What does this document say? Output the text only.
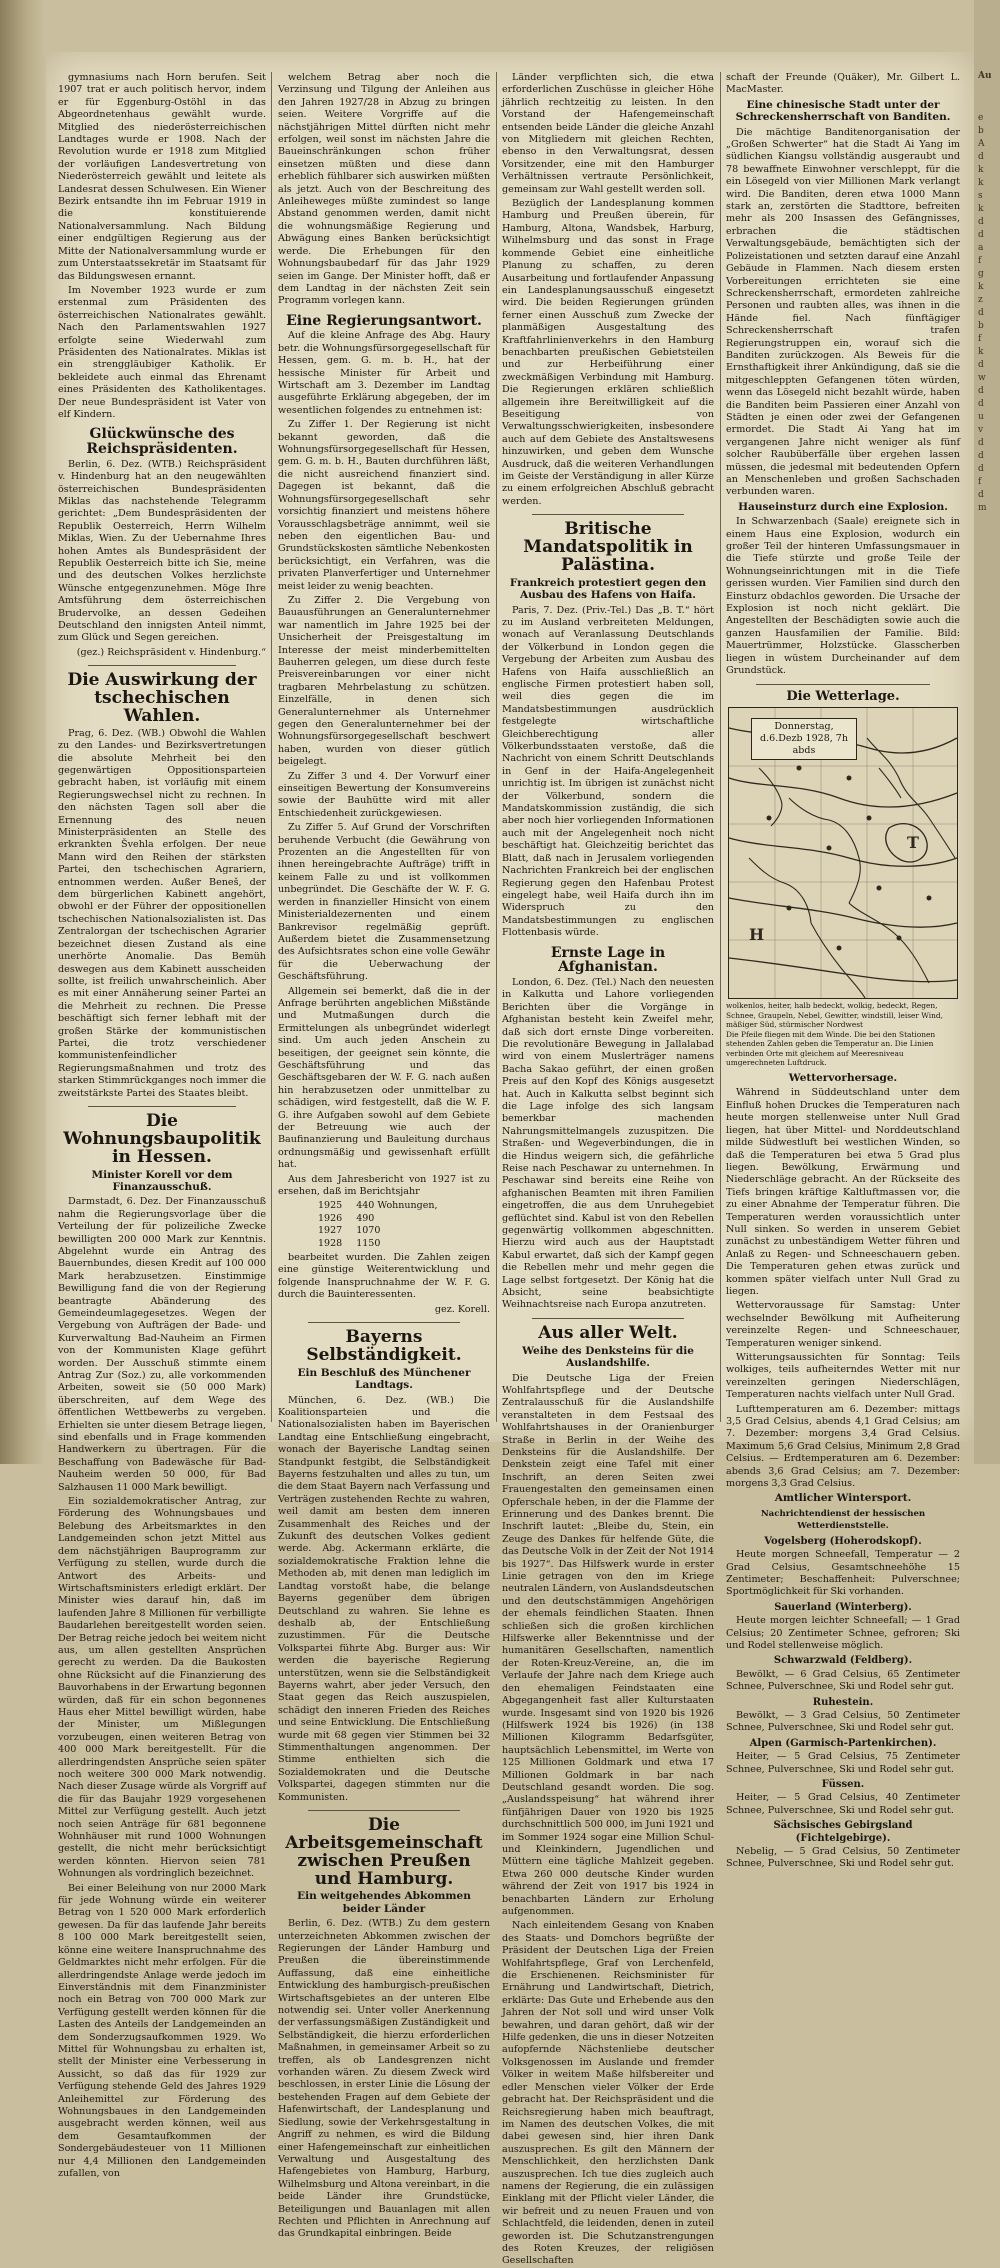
Au
e
b
A
d
k
k
s
k
d
d
a
f
g
k
z
d
b
f
k
d
w
d
d
u
v
d
d
d
f
d
m

gymnasiums nach Horn berufen. Seit 1907 trat er auch politisch hervor, indem er für Eggenburg-Ostöhl in das Abgeordnetenhaus gewählt wurde. Mitglied des niederösterreichischen Landtages wurde er 1908. Nach der Revolution wurde er 1918 zum Mitglied der vorläufigen Landesvertretung von Niederösterreich gewählt und leitete als Landesrat dessen Schulwesen. Ein Wiener Bezirk entsandte ihn im Februar 1919 in die konstituierende Nationalversammlung. Nach Bildung einer endgültigen Regierung aus der Mitte der Nationalversammlung wurde er zum Unterstaatssekretär im Staatsamt für das Bildungswesen ernannt.

Im November 1923 wurde er zum erstenmal zum Präsidenten des österreichischen Nationalrates gewählt. Nach den Parlamentswahlen 1927 erfolgte seine Wiederwahl zum Präsidenten des Nationalrates. Miklas ist ein strenggläubiger Katholik. Er bekleidete auch einmal das Ehrenamt eines Präsidenten des Katholikentages. Der neue Bundespräsident ist Vater von elf Kindern.

Glückwünsche des Reichspräsidenten.

Berlin, 6. Dez. (WTB.) Reichspräsident v. Hindenburg hat an den neugewählten österreichischen Bundespräsidenten Miklas das nachstehende Telegramm gerichtet: „Dem Bundespräsidenten der Republik Oesterreich, Herrn Wilhelm Miklas, Wien. Zu der Uebernahme Ihres hohen Amtes als Bundespräsident der Republik Oesterreich bitte ich Sie, meine und des deutschen Volkes herzlichste Wünsche entgegenzunehmen. Möge Ihre Amtsführung dem österreichischen Brudervolke, an dessen Gedeihen Deutschland den innigsten Anteil nimmt, zum Glück und Segen gereichen.

(gez.) Reichspräsident v. Hindenburg.“
Die Auswirkung der tschechischen Wahlen.

Prag, 6. Dez. (WB.) Obwohl die Wahlen zu den Landes- und Bezirksvertretungen die absolute Mehrheit bei den gegenwärtigen Oppositionsparteien gebracht haben, ist vorläufig mit einem Regierungswechsel nicht zu rechnen. In den nächsten Tagen soll aber die Ernennung des neuen Ministerpräsidenten an Stelle des erkrankten Švehla erfolgen. Der neue Mann wird den Reihen der stärksten Partei, den tschechischen Agrariern, entnommen werden. Außer Beneš, der dem bürgerlichen Kabinett angehört, obwohl er der Führer der oppositionellen tschechischen Nationalsozialisten ist. Das Zentralorgan der tschechischen Agrarier bezeichnet diesen Zustand als eine unerhörte Anomalie. Das Bemüh deswegen aus dem Kabinett ausscheiden sollte, ist freilich unwahrscheinlich. Aber es mit einer Annäherung seiner Partei an die Mehrheit zu rechnen. Die Presse beschäftigt sich ferner lebhaft mit der großen Stärke der kommunistischen Partei, die trotz verschiedener kommunistenfeindlicher Regierungsmaßnahmen und trotz des starken Stimmrückganges noch immer die zweitstärkste Partei des Staates bleibt.

Die Wohnungsbaupolitik in Hessen.
Minister Korell vor dem Finanzausschuß.

Darmstadt, 6. Dez. Der Finanzausschuß nahm die Regierungsvorlage über die Verteilung der für polizeiliche Zwecke bewilligten 200 000 Mark zur Kenntnis. Abgelehnt wurde ein Antrag des Bauernbundes, diesen Kredit auf 100 000 Mark herabzusetzen. Einstimmige Bewilligung fand die von der Regierung beantragte Abänderung des Gemeindeumlagegesetzes. Wegen der Vergebung von Aufträgen der Bade- und Kurverwaltung Bad-Nauheim an Firmen von der Kommunisten Klage geführt worden. Der Ausschuß stimmte einem Antrag Zur (Soz.) zu, alle vorkommenden Arbeiten, soweit sie (50 000 Mark) überschreiten, auf dem Wege des öffentlichen Wettbewerbs zu vergeben. Erhielten sie unter diesem Betrage liegen, sind ebenfalls und in Frage kommenden Handwerkern zu übertragen. Für die Beschaffung von Badewäsche für Bad-Nauheim werden 50 000, für Bad Salzhausen 11 000 Mark bewilligt.

Ein sozialdemokratischer Antrag, zur Förderung des Wohnungsbaues und Belebung des Arbeitsmarktes in den Landgemeinden schon jetzt Mittel aus dem nächstjährigen Bauprogramm zur Verfügung zu stellen, wurde durch die Antwort des Arbeits- und Wirtschaftsministers erledigt erklärt. Der Minister wies darauf hin, daß im laufenden Jahre 8 Millionen für verbilligte Baudarlehen bereitgestellt worden seien. Der Betrag reiche jedoch bei weitem nicht aus, um allen gestellten Ansprüchen gerecht zu werden. Da die Baukosten ohne Rücksicht auf die Finanzierung des Bauvorhabens in der Erwartung begonnen würden, daß für ein schon begonnenes Haus eher Mittel bewilligt würden, habe der Minister, um Mißlegungen vorzubeugen, einen weiteren Betrag von 400 000 Mark bereitgestellt. Für die allerdringendsten Ansprüche seien später noch weitere 300 000 Mark notwendig. Nach dieser Zusage würde als Vorgriff auf die für das Baujahr 1929 vorgesehenen Mittel zur Verfügung gestellt. Auch jetzt noch seien Anträge für 681 begonnene Wohnhäuser mit rund 1000 Wohnungen gestellt, die nicht mehr berücksichtigt werden könnten. Hiervon seien 781 Wohnungen als vordringlich bezeichnet.

Bei einer Beleihung von nur 2000 Mark für jede Wohnung würde ein weiterer Betrag von 1 520 000 Mark erforderlich gewesen. Da für das laufende Jahr bereits 8 100 000 Mark bereitgestellt seien, könne eine weitere Inanspruchnahme des Geldmarktes nicht mehr erfolgen. Für die allerdringendste Anlage werde jedoch im Einverständnis mit dem Finanzminister noch ein Betrag von 700 000 Mark zur Verfügung gestellt werden können für die Lasten des Anteils der Landgemeinden an dem Sonderzugsaufkommen 1929. Wo Mittel für Wohnungsbau zu erhalten ist, stellt der Minister eine Verbesserung in Aussicht, so daß das für 1929 zur Verfügung stehende Geld des Jahres 1929 Anleihemittel zur Förderung des Wohnungsbaues in den Landgemeinden ausgebracht werden können, weil aus dem Gesamtaufkommen der Sondergebäudesteuer von 11 Millionen nur 4,4 Millionen den Landgemeinden zufallen, von

welchem Betrag aber noch die Verzinsung und Tilgung der Anleihen aus den Jahren 1927/28 in Abzug zu bringen seien. Weitere Vorgriffe auf die nächstjährigen Mittel dürften nicht mehr erfolgen, weil sonst im nächsten Jahre die Baueinschränkungen schon früher einsetzen müßten und diese dann erheblich fühlbarer sich auswirken müßten als jetzt. Auch von der Beschreitung des Anleiheweges müßte zumindest so lange Abstand genommen werden, damit nicht die wohnungsmäßige Regierung und Abwägung eines Banken berücksichtigt werde. Die Erhebungen für den Wohnungsbaubedarf für das Jahr 1929 seien im Gange. Der Minister hofft, daß er dem Landtag in der nächsten Zeit sein Programm vorlegen kann.

Eine Regierungsantwort.

Auf die kleine Anfrage des Abg. Haury betr. die Wohnungsfürsorgegesellschaft für Hessen, gem. G. m. b. H., hat der hessische Minister für Arbeit und Wirtschaft am 3. Dezember im Landtag ausgeführte Erklärung abgegeben, der im wesentlichen folgendes zu entnehmen ist:

Zu Ziffer 1. Der Regierung ist nicht bekannt geworden, daß die Wohnungsfürsorgegesellschaft für Hessen, gem. G. m. b. H., Bauten durchführen läßt, die nicht ausreichend finanziert sind. Dagegen ist bekannt, daß die Wohnungsfürsorgegesellschaft sehr vorsichtig finanziert und meistens höhere Vorausschlagsbeträge annimmt, weil sie neben den eigentlichen Bau- und Grundstückskosten sämtliche Nebenkosten berücksichtigt, ein Verfahren, was die privaten Planverfertiger und Unternehmer meist leider zu wenig beachten.

Zu Ziffer 2. Die Vergebung von Bauausführungen an Generalunternehmer war namentlich im Jahre 1925 bei der Unsicherheit der Preisgestaltung im Interesse der meist minderbemittelten Bauherren gelegen, um diese durch feste Preisvereinbarungen vor einer nicht tragbaren Mehrbelastung zu schützen. Einzelfälle, in denen sich Generalunternehmer als Unternehmer gegen den Generalunternehmer bei der Wohnungsfürsorgegesellschaft beschwert haben, wurden von dieser gütlich beigelegt.

Zu Ziffer 3 und 4. Der Vorwurf einer einseitigen Bewertung der Konsumvereins sowie der Bauhütte wird mit aller Entschiedenheit zurückgewiesen.

Zu Ziffer 5. Auf Grund der Vorschriften beruhende Verbucht (die Gewährung von Prozenten an die Angestellten für von ihnen hereingebrachte Aufträge) trifft in keinem Falle zu und ist vollkommen unbegründet. Die Geschäfte der W. F. G. werden in finanzieller Hinsicht von einem Ministerialdezernenten und einem Bankrevisor regelmäßig geprüft. Außerdem bietet die Zusammensetzung des Aufsichtsrates schon eine volle Gewähr für die Ueberwachung der Geschäftsführung.

Allgemein sei bemerkt, daß die in der Anfrage berührten angeblichen Mißstände und Mutmaßungen durch die Ermittelungen als unbegründet widerlegt sind. Um auch jeden Anschein zu beseitigen, der geeignet sein könnte, die Geschäftsführung und das Geschäftsgebaren der W. F. G. nach außen hin herabzusetzen oder unmittelbar zu schädigen, wird festgestellt, daß die W. F. G. ihre Aufgaben sowohl auf dem Gebiete der Betreuung wie auch der Baufinanzierung und Bauleitung durchaus ordnungsmäßig und gewissenhaft erfüllt hat.

Aus dem Jahresbericht von 1927 ist zu ersehen, daß im Berichtsjahr

1925 440 Wohnungen,
1926 490
1927 1070
1928 1150

bearbeitet wurden. Die Zahlen zeigen eine günstige Weiterentwicklung und folgende Inanspruchnahme der W. F. G. durch die Bauinteressenten.

gez. Korell.
Bayerns Selbständigkeit.
Ein Beschluß des Münchener Landtags.

München, 6. Dez. (WB.) Die Koalitionsparteien und die Nationalsozialisten haben im Bayerischen Landtag eine Entschließung eingebracht, wonach der Bayerische Landtag seinen Standpunkt festgibt, die Selbständigkeit Bayerns festzuhalten und alles zu tun, um die dem Staat Bayern nach Verfassung und Verträgen zustehenden Rechte zu wahren, weil damit am besten dem inneren Zusammenhalt des Reiches und der Zukunft des deutschen Volkes gedient werde. Abg. Ackermann erklärte, die sozialdemokratische Fraktion lehne die Methoden ab, mit denen man lediglich im Landtag vorstoßt habe, die belange Bayerns gegenüber dem übrigen Deutschland zu wahren. Sie lehne es deshalb ab, der Entschließung zuzustimmen. Für die Deutsche Volkspartei führte Abg. Burger aus: Wir werden die bayerische Regierung unterstützen, wenn sie die Selbständigkeit Bayerns wahrt, aber jeder Versuch, den Staat gegen das Reich auszuspielen, schädigt den inneren Frieden des Reiches und seine Entwicklung. Die Entschließung wurde mit 68 gegen vier Stimmen bei 32 Stimmenthaltungen angenommen. Der Stimme enthielten sich die Sozialdemokraten und die Deutsche Volkspartei, dagegen stimmten nur die Kommunisten.

Die Arbeitsgemeinschaft zwischen Preußen und Hamburg.
Ein weitgehendes Abkommen beider Länder

Berlin, 6. Dez. (WTB.) Zu dem gestern unterzeichneten Abkommen zwischen der Regierungen der Länder Hamburg und Preußen die übereinstimmende Auffassung, daß eine einheitliche Entwicklung des hamburgisch-preußischen Wirtschaftsgebietes an der unteren Elbe notwendig sei. Unter voller Anerkennung der verfassungsmäßigen Zuständigkeit und Selbständigkeit, die hierzu erforderlichen Maßnahmen, in gemeinsamer Arbeit so zu treffen, als ob Landesgrenzen nicht vorhanden wären. Zu diesem Zweck wird beschlossen, in erster Linie die Lösung der bestehenden Fragen auf dem Gebiete der Hafenwirtschaft, der Landesplanung und Siedlung, sowie der Verkehrsgestaltung in Angriff zu nehmen, es wird die Bildung einer Hafengemeinschaft zur einheitlichen Verwaltung und Ausgestaltung des Hafengebietes von Hamburg, Harburg, Wilhelmsburg und Altona vereinbart, in die beide Länder ihre Grundstücke, Beteiligungen und Bauanlagen mit allen Rechten und Pflichten in Anrechnung auf das Grundkapital einbringen. Beide

Länder verpflichten sich, die etwa erforderlichen Zuschüsse in gleicher Höhe jährlich rechtzeitig zu leisten. In den Vorstand der Hafengemeinschaft entsenden beide Länder die gleiche Anzahl von Mitgliedern mit gleichen Rechten, ebenso in den Verwaltungsrat, dessen Vorsitzender, eine mit den Hamburger Verhältnissen vertraute Persönlichkeit, gemeinsam zur Wahl gestellt werden soll.

Bezüglich der Landesplanung kommen Hamburg und Preußen überein, für Hamburg, Altona, Wandsbek, Harburg, Wilhelmsburg und das sonst in Frage kommende Gebiet eine einheitliche Planung zu schaffen, zu deren Ausarbeitung und fortlaufender Anpassung ein Landesplanungsausschuß eingesetzt wird. Die beiden Regierungen gründen ferner einen Ausschuß zum Zwecke der planmäßigen Ausgestaltung des Kraftfahrlinienverkehrs in den Hamburg benachbarten preußischen Gebietsteilen und zur Herbeiführung einer zweckmäßigen Verbindung mit Hamburg. Die Regierungen erklären schließlich allgemein ihre Bereitwilligkeit auf die Beseitigung von Verwaltungsschwierigkeiten, insbesondere auch auf dem Gebiete des Anstaltswesens hinzuwirken, und geben dem Wunsche Ausdruck, daß die weiteren Verhandlungen im Geiste der Verständigung in aller Kürze zu einem erfolgreichen Abschluß gebracht werden.

Britische Mandatspolitik in Palästina.
Frankreich protestiert gegen den Ausbau des Hafens von Haifa.

Paris, 7. Dez. (Priv.-Tel.) Das „B. T.“ hört zu im Ausland verbreiteten Meldungen, wonach auf Veranlassung Deutschlands der Völkerbund in London gegen die Vergebung der Arbeiten zum Ausbau des Hafens von Haifa ausschließlich an englische Firmen protestiert haben soll, weil dies gegen die im Mandatsbestimmungen ausdrücklich festgelegte wirtschaftliche Gleichberechtigung aller Völkerbundsstaaten verstoße, daß die Nachricht von einem Schritt Deutschlands in Genf in der Haifa-Angelegenheit unrichtig ist. Im übrigen ist zunächst nicht der Völkerbund, sondern die Mandatskommission zuständig, die sich aber noch hier vorliegenden Informationen auch mit der Angelegenheit noch nicht beschäftigt hat. Gleichzeitig berichtet das Blatt, daß nach in Jerusalem vorliegenden Nachrichten Frankreich bei der englischen Regierung gegen den Hafenbau Protest eingelegt habe, weil Haifa durch ihn im Widerspruch zu den Mandatsbestimmungen zu englischen Flottenbasis würde.

Ernste Lage in Afghanistan.

London, 6. Dez. (Tel.) Nach den neuesten in Kalkutta und Lahore vorliegenden Berichten über die Vorgänge in Afghanistan besteht kein Zweifel mehr, daß sich dort ernste Dinge vorbereiten. Die revolutionäre Bewegung in Jallalabad wird von einem Muslerträger namens Bacha Sakao geführt, der einen großen Preis auf den Kopf des Königs ausgesetzt hat. Auch in Kalkutta selbst beginnt sich die Lage infolge des sich langsam bemerkbar machenden Nahrungsmittelmangels zuzuspitzen. Die Straßen- und Wegeverbindungen, die in die Hindus weigern sich, die gefährliche Reise nach Peschawar zu unternehmen. In Peschawar sind bereits eine Reihe von afghanischen Beamten mit ihren Familien eingetroffen, die aus dem Unruhegebiet geflüchtet sind. Kabul ist von den Rebellen gegenwärtig vollkommen abgeschnitten. Hierzu wird auch aus der Hauptstadt Kabul erwartet, daß sich der Kampf gegen die Rebellen mehr und mehr gegen die Lage selbst fortgesetzt. Der König hat die Absicht, seine beabsichtigte Weihnachtsreise nach Europa anzutreten.

Aus aller Welt.
Weihe des Denksteins für die Auslandshilfe.

Die Deutsche Liga der Freien Wohlfahrtspflege und der Deutsche Zentralausschuß für die Auslandshilfe veranstalteten in dem Festsaal des Wohlfahrtshauses in der Oranienburger Straße in Berlin in der Weihe des Denksteins für die Auslandshilfe. Der Denkstein zeigt eine Tafel mit einer Inschrift, an deren Seiten zwei Frauengestalten den gemeinsamen einen Opferschale heben, in der die Flamme der Erinnerung und des Dankes brennt. Die Inschrift lautet: „Bleibe du, Stein, ein Zeuge des Dankes für helfende Güte, die das Deutsche Volk in der Zeit der Not 1914 bis 1927“. Das Hilfswerk wurde in erster Linie getragen von den im Kriege neutralen Ländern, von Auslandsdeutschen und den deutschstämmigen Angehörigen der ehemals feindlichen Staaten. Ihnen schließen sich die großen kirchlichen Hilfswerke aller Bekenntnisse und der humanitären Gesellschaften, namentlich der Roten-Kreuz-Vereine, an, die im Verlaufe der Jahre nach dem Kriege auch den ehemaligen Feindstaaten eine Abgegangenheit fast aller Kulturstaaten wurde. Insgesamt sind von 1920 bis 1926 (Hilfswerk 1924 bis 1926) (in 138 Millionen Kilogramm Bedarfsgüter, hauptsächlich Lebensmittel, im Werte von 125 Millionen Goldmark und etwa 17 Millionen Goldmark in bar nach Deutschland gesandt worden. Die sog. „Auslandsspeisung“ hat während ihrer fünfjährigen Dauer von 1920 bis 1925 durchschnittlich 500 000, im Juni 1921 und im Sommer 1924 sogar eine Million Schul- und Kleinkindern, Jugendlichen und Müttern eine tägliche Mahlzeit gegeben. Etwa 260 000 deutsche Kinder wurden während der Zeit von 1917 bis 1924 in benachbarten Ländern zur Erholung aufgenommen.

Nach einleitendem Gesang von Knaben des Staats- und Domchors begrüßte der Präsident der Deutschen Liga der Freien Wohlfahrtspflege, Graf von Lerchenfeld, die Erschienenen. Reichsminister für Ernährung und Landwirtschaft, Dietrich, erklärte: Das Gute und Erhebende aus den Jahren der Not soll und wird unser Volk bewahren, und daran gehört, daß wir der Hilfe gedenken, die uns in dieser Notzeiten aufopfernde Nächstenliebe deutscher Volksgenossen im Auslande und fremder Völker in weitem Maße hilfsbereiter und edler Menschen vieler Völker der Erde gebracht hat. Der Reichspräsident und die Reichsregierung haben mich beauftragt, im Namen des deutschen Volkes, die mit dabei gewesen sind, hier ihren Dank auszusprechen. Es gilt den Männern der Menschlichkeit, den herzlichsten Dank auszusprechen. Ich tue dies zugleich auch namens der Regierung, die ein zulässigen Einklang mit der Pflicht vieler Länder, die wir befreit und zu neuen Frauen und von Schlachtfeld, die leidenden, denen in zuteil geworden ist. Die Schutzanstrengungen des Roten Kreuzes, der religiösen Gesellschaften

schaft der Freunde (Quäker), Mr. Gilbert L. MacMaster.

Eine chinesische Stadt unter der Schreckensherrschaft von Banditen.

Die mächtige Banditenorganisation der „Großen Schwerter“ hat die Stadt Ai Yang im südlichen Kiangsu vollständig ausgeraubt und 78 bewaffnete Einwohner verschleppt, für die ein Lösegeld von vier Millionen Mark verlangt wird. Die Banditen, deren etwa 1000 Mann stark an, zerstörten die Stadttore, befreiten mehr als 200 Insassen des Gefängnisses, erbrachen die städtischen Verwaltungsgebäude, bemächtigten sich der Polizeistationen und setzten darauf eine Anzahl Gebäude in Flammen. Nach diesem ersten Vorbereitungen errichteten sie eine Schreckensherrschaft, ermordeten zahlreiche Personen und raubten alles, was ihnen in die Hände fiel. Nach fünftägiger Schreckensherrschaft trafen Regierungstruppen ein, worauf sich die Banditen zurückzogen. Als Beweis für die Ernsthaftigkeit ihrer Ankündigung, daß sie die mitgeschleppten Gefangenen töten würden, wenn das Lösegeld nicht bezahlt würde, haben die Banditen beim Passieren einer Anzahl von Städten je einen oder zwei der Gefangenen ermordet. Die Stadt Ai Yang hat im vergangenen Jahre nicht weniger als fünf solcher Raubüberfälle über ergehen lassen müssen, die jedesmal mit bedeutenden Opfern an Menschenleben und großen Sachschaden verbunden waren.

Hauseinsturz durch eine Explosion.

In Schwarzenbach (Saale) ereignete sich in einem Haus eine Explosion, wodurch ein großer Teil der hinteren Umfassungsmauer in die Tiefe stürzte und große Teile der Wohnungseinrichtungen mit in die Tiefe gerissen wurden. Vier Familien sind durch den Einsturz obdachlos geworden. Die Ursache der Explosion ist noch nicht geklärt. Die Angestellten der Beschädigten sowie auch die ganzen Hausfamilien der Familie. Bild: Mauertrümmer, Holzstücke. Glasscherben liegen in wüstem Durcheinander auf dem Grundstück.

Die Wetterlage.
T
H
Donnerstag,
d.6.Dezb 1928, 7h abds
wolkenlos, heiter, halb bedeckt, wolkig, bedeckt, Regen,
Schnee, Graupeln, Nebel, Gewitter, windstill, leiser Wind,
mäßiger Süd, stürmischer Nordwest
Die Pfeile fliegen mit dem Winde. Die bei den Stationen stehenden Zahlen geben die Temperatur an. Die Linien verbinden Orte mit gleichem auf Meeresniveau umgerechneten Luftdruck.
Wettervorhersage.

Während in Süddeutschland unter dem Einfluß hohen Druckes die Temperaturen nach heute morgen stellenweise unter Null Grad liegen, hat über Mittel- und Norddeutschland milde Südwestluft bei westlichen Winden, so daß die Temperaturen bei etwa 5 Grad plus liegen. Bewölkung, Erwärmung und Niederschläge gebracht. An der Rückseite des Tiefs bringen kräftige Kaltluftmassen vor, die zu einer Abnahme der Temperatur führen. Die Temperaturen werden voraussichtlich unter Null sinken. So werden in unserem Gebiet zunächst zu unbeständigem Wetter führen und Anlaß zu Regen- und Schneeschauern geben. Die Temperaturen gehen etwas zurück und kommen später vielfach unter Null Grad zu liegen.

Wettervoraussage für Samstag: Unter wechselnder Bewölkung mit Aufheiterung vereinzelte Regen- und Schneeschauer, Temperaturen weniger sinkend.

Witterungsaussichten für Sonntag: Teils wolkiges, teils aufheiterndes Wetter mit nur vereinzelten geringen Niederschlägen, Temperaturen nachts vielfach unter Null Grad.

Lufttemperaturen am 6. Dezember: mittags 3,5 Grad Celsius, abends 4,1 Grad Celsius; am 7. Dezember: morgens 3,4 Grad Celsius. Maximum 5,6 Grad Celsius, Minimum 2,8 Grad Celsius. — Erdtemperaturen am 6. Dezember: abends 3,6 Grad Celsius; am 7. Dezember: morgens 3,3 Grad Celsius.

Amtlicher Wintersport.
Nachrichtendienst der hessischen Wetterdienststelle.
Vogelsberg (Hoherodskopf).

Heute morgen Schneefall, Temperatur — 2 Grad Celsius, Gesamtschneehöhe 15 Zentimeter; Beschaffenheit: Pulverschnee; Sportmöglichkeit für Ski vorhanden.

Sauerland (Winterberg).

Heute morgen leichter Schneefall; — 1 Grad Celsius; 20 Zentimeter Schnee, gefroren; Ski und Rodel stellenweise möglich.

Schwarzwald (Feldberg).

Bewölkt, — 6 Grad Celsius, 65 Zentimeter Schnee, Pulverschnee, Ski und Rodel sehr gut.

Ruhestein.

Bewölkt, — 3 Grad Celsius, 50 Zentimeter Schnee, Pulverschnee, Ski und Rodel sehr gut.

Alpen (Garmisch-Partenkirchen).

Heiter, — 5 Grad Celsius, 75 Zentimeter Schnee, Pulverschnee, Ski und Rodel sehr gut.

Füssen.

Heiter, — 5 Grad Celsius, 40 Zentimeter Schnee, Pulverschnee, Ski und Rodel sehr gut.

Sächsisches Gebirgsland (Fichtelgebirge).

Nebelig, — 5 Grad Celsius, 50 Zentimeter Schnee, Pulverschnee, Ski und Rodel sehr gut.
